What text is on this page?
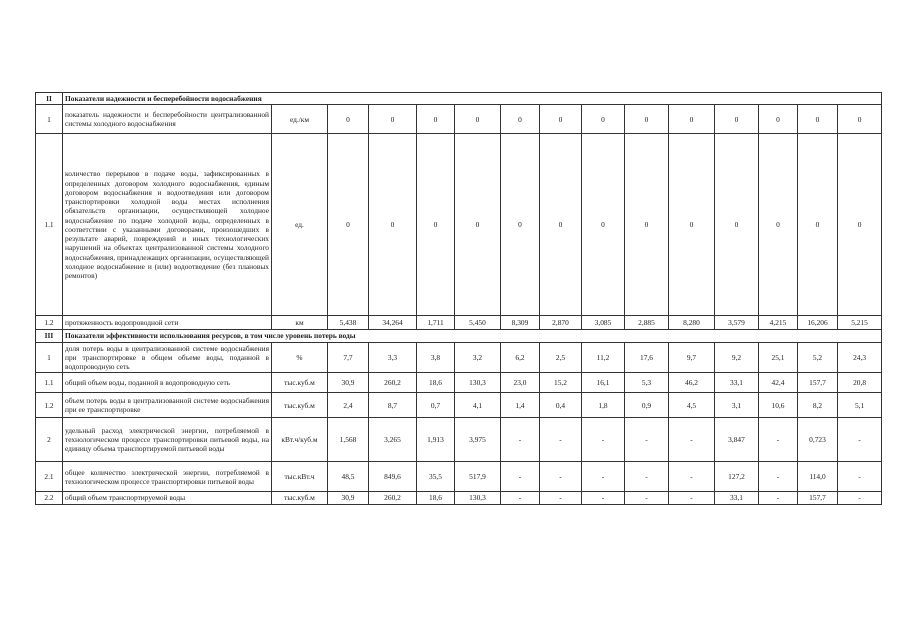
II	Показатели надежности и бесперебойности водоснабжения														
1	показатель надежности и бесперебойности централизованной системы холодного водоснабжения	ед./км	0	0	0	0	0	0	0	0	0	0	0	0	0
1.1	количество перерывов в подаче воды, зафиксированных в определенных договором холодного водоснабжения, единым договором водоснабжения и водоотведения или договором транспортировки холодной воды местах исполнения обязательств организации, осуществляющей холодное водоснабжение по подаче холодной воды, определенных в соответствии с указанными договорами, произошедших в результате аварий, повреждений и иных технологических нарушений на объектах централизованной системы холодного водоснабжения, принадлежащих организации, осуществляющей холодное водоснабжение и (или) водоотведение (без плановых ремонтов)	ед.	0	0	0	0	0	0	0	0	0	0	0	0	0
1.2	протяженность водопроводной сети	км	5,438	34,264	1,711	5,450	8,309	2,870	3,085	2,885	8,280	3,579	4,215	16,206	5,215
III	Показатели эффективности использования ресурсов, в том числе уровень потерь воды														
1	доля потерь воды в централизованной системе водоснабжения при транспортировке в общем объеме воды, поданной в водопроводную сеть	%	7,7	3,3	3,8	3,2	6,2	2,5	11,2	17,6	9,7	9,2	25,1	5,2	24,3
1.1	общий объем воды, поданной в водопроводную сеть	тыс.куб.м	30,9	260,2	18,6	130,3	23,0	15,2	16,1	5,3	46,2	33,1	42,4	157,7	20,8
1.2	объем потерь воды в централизованной системе водоснабжения при ее транспортировке	тыс.куб.м	2,4	8,7	0,7	4,1	1,4	0,4	1,8	0,9	4,5	3,1	10,6	8,2	5,1
2	удельный расход электрической энергии, потребляемой в технологическом процессе транспортировки питьевой воды, на единицу объема транспортируемой питьевой воды	кВт.ч/куб.м	1,568	3,265	1,913	3,975	-	-	-	-	-	3,847	-	0,723	-
2.1	общее количество электрической энергии, потребляемой в технологическом процессе транспортировки питьевой воды	тыс.кВт.ч	48,5	849,6	35,5	517,9	-	-	-	-	-	127,2	-	114,0	-
2.2	общий объем транспортируемой воды	тыс.куб.м	30,9	260,2	18,6	130,3	-	-	-	-	-	33,1	-	157,7	-
